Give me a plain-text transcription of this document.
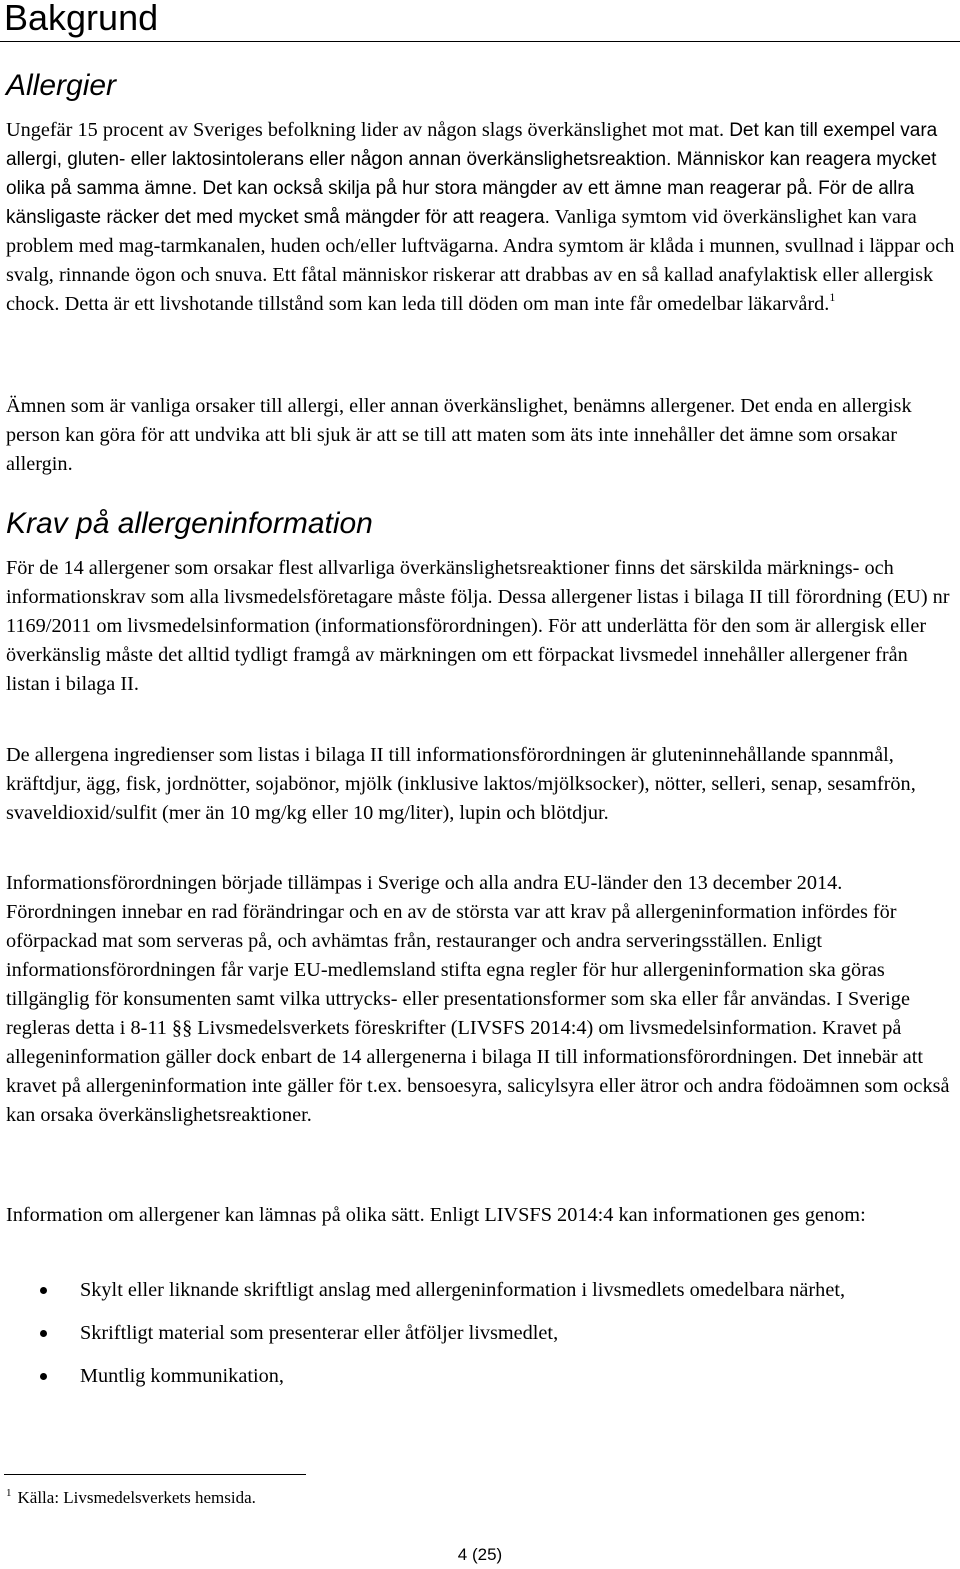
Bakgrund
Allergier

Ungefär 15 procent av Sveriges befolkning lider av någon slags överkänslighet mot mat. Det kan till exempel vara allergi, gluten- eller laktosintolerans eller någon annan överkänslighetsreaktion. Människor kan reagera mycket olika på samma ämne. Det kan också skilja på hur stora mängder av ett ämne man reagerar på. För de allra känsligaste räcker det med mycket små mängder för att reagera. Vanliga symtom vid överkänslighet kan vara problem med mag-tarmkanalen, huden och/eller luftvägarna. Andra symtom är klåda i munnen, svullnad i läppar och svalg, rinnande ögon och snuva. Ett fåtal människor riskerar att drabbas av en så kallad anafylaktisk eller allergisk chock. Detta är ett livshotande tillstånd som kan leda till döden om man inte får omedelbar läkarvård.$^1$

Ämnen som är vanliga orsaker till allergi, eller annan överkänslighet, benämns allergener. Det enda en allergisk person kan göra för att undvika att bli sjuk är att se till att maten som äts inte innehåller det ämne som orsakar allergin.

Krav på allergeninformation

För de 14 allergener som orsakar flest allvarliga överkänslighetsreaktioner finns det särskilda märknings- och informationskrav som alla livsmedelsföretagare måste följa. Dessa allergener listas i bilaga II till förordning (EU) nr 1169/2011 om livsmedelsinformation (informationsförordningen). För att underlätta för den som är allergisk eller överkänslig måste det alltid tydligt framgå av märkningen om ett förpackat livsmedel innehåller allergener från listan i bilaga II.

De allergena ingredienser som listas i bilaga II till informationsförordningen är gluteninnehållande spannmål, kräftdjur, ägg, fisk, jordnötter, sojabönor, mjölk (inklusive laktos/mjölksocker), nötter, selleri, senap, sesamfrön, svaveldioxid/sulfit (mer än 10 mg/kg eller 10 mg/liter), lupin och blötdjur.

Informationsförordningen började tillämpas i Sverige och alla andra EU-länder den 13 december 2014. Förordningen innebar en rad förändringar och en av de största var att krav på allergeninformation infördes för oförpackad mat som serveras på, och avhämtas från, restauranger och andra serveringsställen. Enligt informationsförordningen får varje EU-medlemsland stifta egna regler för hur allergeninformation ska göras tillgänglig för konsumenten samt vilka uttrycks- eller presentationsformer som ska eller får användas. I Sverige regleras detta i 8-11 §§ Livsmedelsverkets föreskrifter (LIVSFS 2014:4) om livsmedelsinformation. Kravet på allegeninformation gäller dock enbart de 14 allergenerna i bilaga II till informationsförordningen. Det innebär att kravet på allergeninformation inte gäller för t.ex. bensoesyra, salicylsyra eller ätror och andra födoämnen som också kan orsaka överkänslighetsreaktioner.

Information om allergener kan lämnas på olika sätt. Enligt LIVSFS 2014:4 kan informationen ges genom:

Skylt eller liknande skriftligt anslag med allergeninformation i livsmedlets omedelbara närhet,
Skriftligt material som presenterar eller åtföljer livsmedlet,
Muntlig kommunikation,

$^1$ Källa: Livsmedelsverkets hemsida.

4 (25)
